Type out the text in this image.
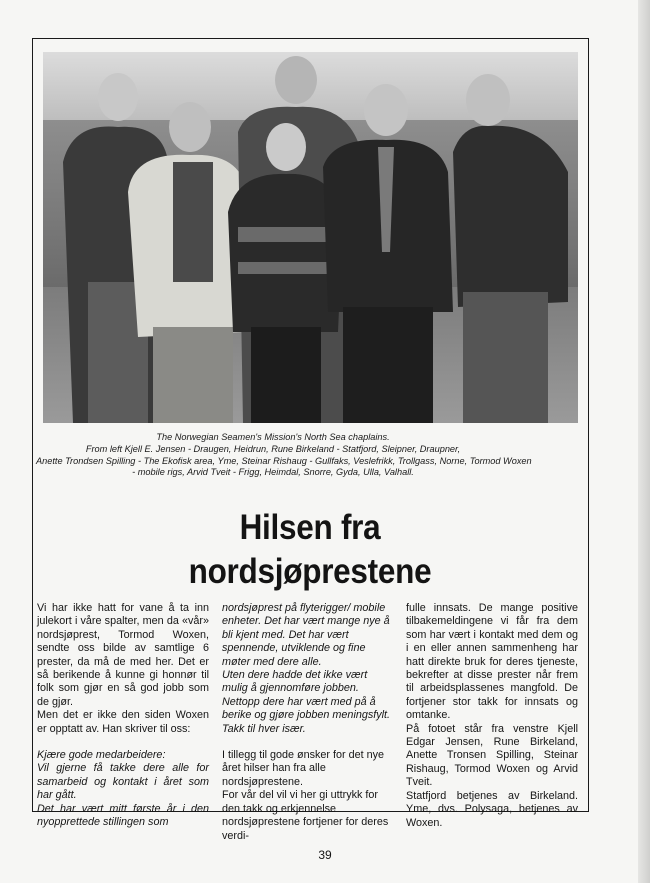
The Norwegian Seamen's Mission's North Sea chaplains.
From left Kjell E. Jensen - Draugen, Heidrun, Rune Birkeland - Statfjord, Sleipner, Draupner,
Anette Trondsen Spilling - The Ekofisk area, Yme, Steinar Rishaug - Gullfaks, Veslefrikk, Trollgass, Norne, Tormod Woxen
- mobile rigs, Arvid Tveit - Frigg, Heimdal, Snorre, Gyda, Ulla, Valhall.
Hilsen fra
nordsjøprestene

Vi har ikke hatt for vane å ta inn julekort i våre spalter, men da «vår» nordsjøprest, Tormod Woxen, sendte oss bilde av samtlige 6 prester, da må de med her. Det er så berikende å kunne gi honnør til folk som gjør en så god jobb som de gjør.

Men det er ikke den siden Woxen er opptatt av. Han skriver til oss:

Kjære gode medarbeidere:

Vil gjerne få takke dere alle for samarbeid og kontakt i året som har gått.

Det har vært mitt første år i den nyopprettede stillingen som

nordsjøprest på flyterigger/ mobile enheter. Det har vært mange nye å bli kjent med. Det har vært spennende, utviklende og fine møter med dere alle.

Uten dere hadde det ikke vært mulig å gjennomføre jobben.

Nettopp dere har vært med på å berike og gjøre jobben meningsfylt. Takk til hver især.

I tillegg til gode ønsker for det nye året hilser han fra alle nordsjøprestene.

For vår del vil vi her gi uttrykk for den takk og erkjennelse nordsjøprestene fortjener for deres verdi-

fulle innsats. De mange positive tilbakemeldingene vi får fra dem som har vært i kontakt med dem og i en eller annen sammenheng har hatt direkte bruk for deres tjeneste, bekrefter at disse prester når frem til arbeidsplassenes mangfold. De fortjener stor takk for innsats og omtanke.

På fotoet står fra venstre Kjell Edgar Jensen, Rune Birkeland, Anette Tronsen Spilling, Steinar Rishaug, Tormod Woxen og Arvid Tveit.

Statfjord betjenes av Birkeland. Yme, dvs. Polysaga, betjenes av Woxen.

39
